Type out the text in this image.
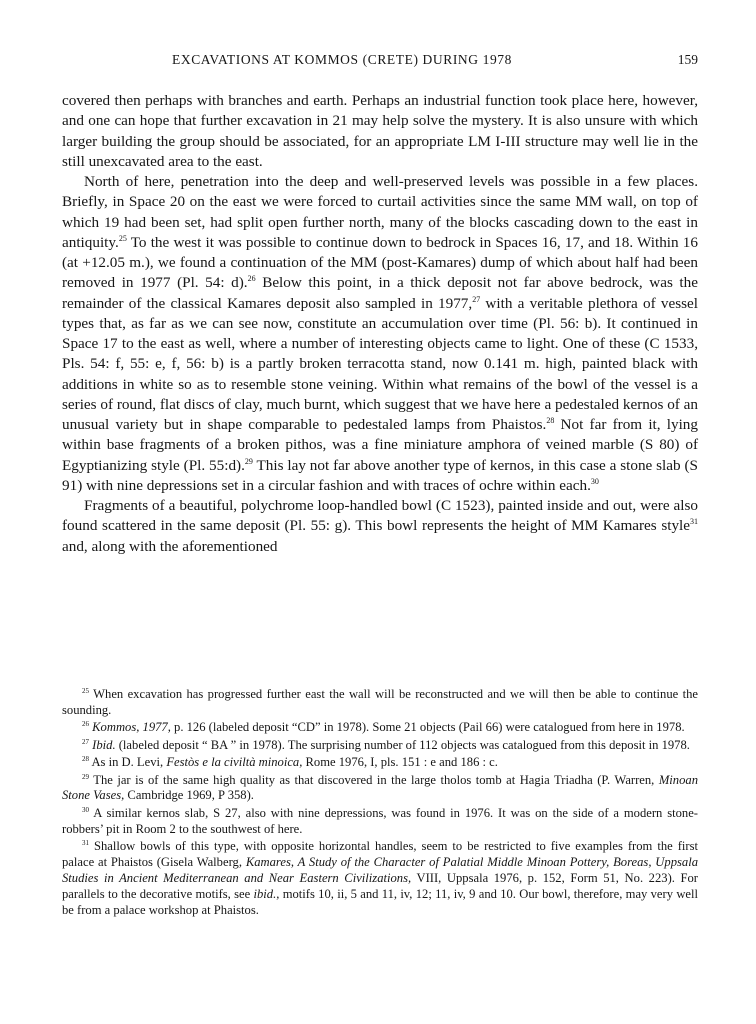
EXCAVATIONS AT KOMMOS (CRETE) DURING 1978	159

covered then perhaps with branches and earth. Perhaps an industrial function took place here, however, and one can hope that further excavation in 21 may help solve the mystery. It is also unsure with which larger building the group should be associated, for an appropriate LM I-III structure may well lie in the still unexcavated area to the east.

North of here, penetration into the deep and well-preserved levels was possible in a few places. Briefly, in Space 20 on the east we were forced to curtail activities since the same MM wall, on top of which 19 had been set, had split open further north, many of the blocks cascading down to the east in antiquity.$^{25}$ To the west it was possible to continue down to bedrock in Spaces 16, 17, and 18. Within 16 (at +12.05 m.), we found a continuation of the MM (post-Kamares) dump of which about half had been removed in 1977 (Pl. 54: d).$^{26}$ Below this point, in a thick deposit not far above bedrock, was the remainder of the classical Kamares deposit also sampled in 1977,27 with a veritable plethora of vessel types that, as far as we can see now, constitute an accumulation over time (Pl. 56: b). It continued in Space 17 to the east as well, where a number of interesting objects came to light. One of these (C 1533, Pls. 54: f, 55: e, f, 56: b) is a partly broken terracotta stand, now 0.141 m. high, painted black with additions in white so as to resemble stone veining. Within what remains of the bowl of the vessel is a series of round, flat discs of clay, much burnt, which suggest that we have here a pedestaled kernos of an unusual variety but in shape comparable to pedestaled lamps from Phaistos.$^{28}$ Not far from it, lying within base fragments of a broken pithos, was a fine miniature amphora of veined marble (S 80) of Egyptianizing style (Pl. 55:d).$^{29}$ This lay not far above another type of kernos, in this case a stone slab (S 91) with nine depressions set in a circular fashion and with traces of ochre within each.$^{30}$

Fragments of a beautiful, polychrome loop-handled bowl (C 1523), painted inside and out, were also found scattered in the same deposit (Pl. 55: g). This bowl represents the height of MM Kamares style$^{31}$ and, along with the aforementioned

$^{25}$ When excavation has progressed further east the wall will be reconstructed and we will then be able to continue the sounding.

$^{26}$ Kommos, 1977, p. 126 (labeled deposit “CD” in 1978). Some 21 objects (Pail 66) were catalogued from here in 1978.

$^{27}$ Ibid. (labeled deposit “ BA ” in 1978). The surprising number of 112 objects was catalogued from this deposit in 1978.

$^{28}$ As in D. Levi, Festòs e la civiltà minoica, Rome 1976, I, pls. 151 : e and 186 : c.

$^{29}$ The jar is of the same high quality as that discovered in the large tholos tomb at Hagia Triadha (P. Warren, Minoan Stone Vases, Cambridge 1969, P 358).

$^{30}$ A similar kernos slab, S 27, also with nine depressions, was found in 1976. It was on the side of a modern stone-robbers’ pit in Room 2 to the southwest of here.

$^{31}$ Shallow bowls of this type, with opposite horizontal handles, seem to be restricted to five examples from the first palace at Phaistos (Gisela Walberg, Kamares, A Study of the Character of Palatial Middle Minoan Pottery, Boreas, Uppsala Studies in Ancient Mediterranean and Near Eastern Civilizations, VIII, Uppsala 1976, p. 152, Form 51, No. 223). For parallels to the decorative motifs, see ibid., motifs 10, ii, 5 and 11, iv, 12; 11, iv, 9 and 10. Our bowl, therefore, may very well be from a palace workshop at Phaistos.
